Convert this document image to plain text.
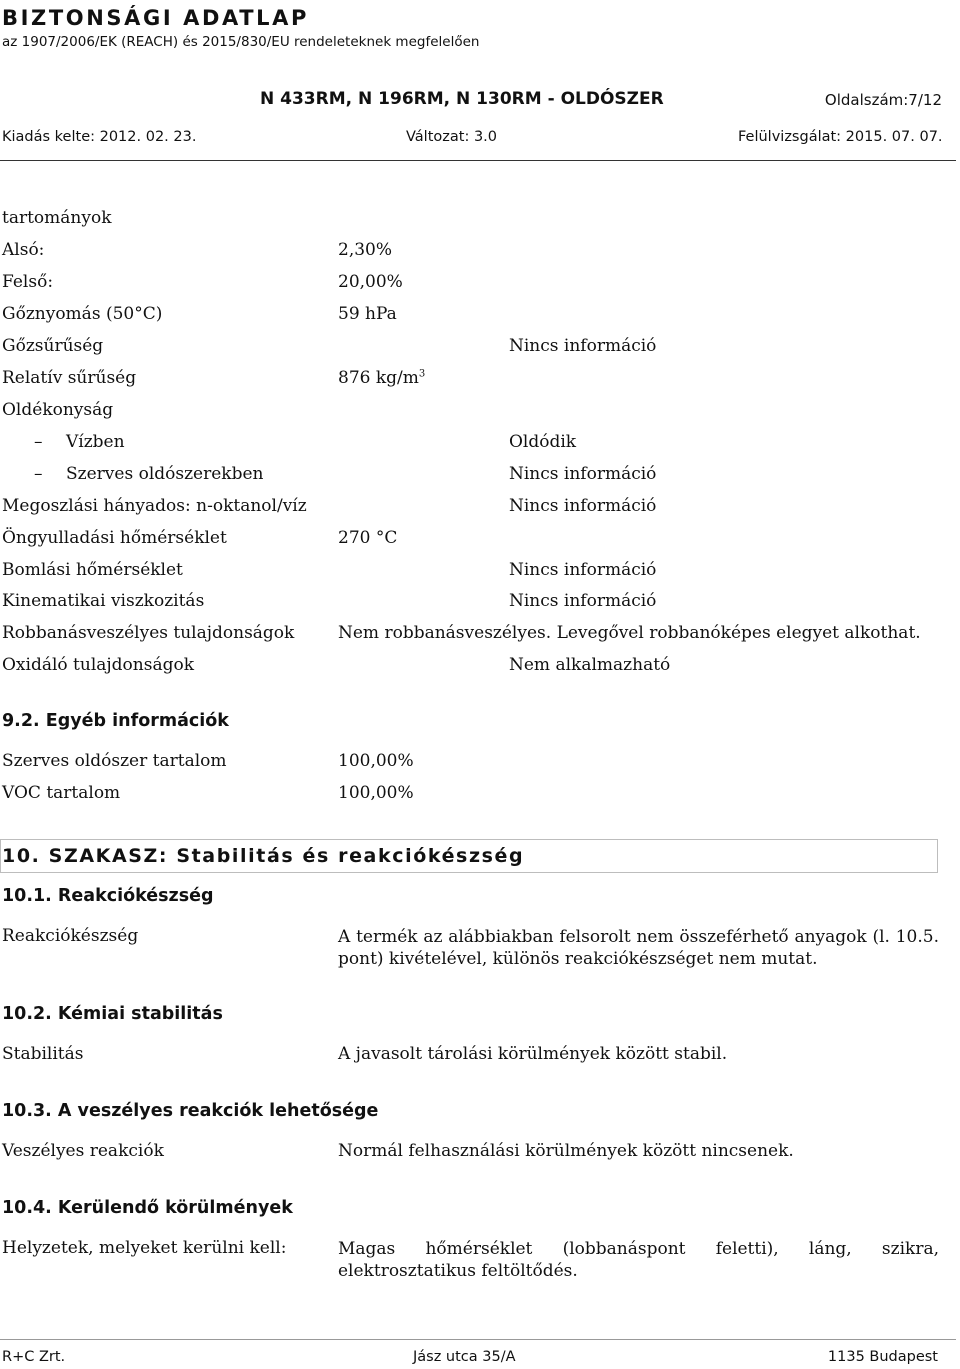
BIZTONSÁGI ADATLAP
az 1907/2006/EK (REACH) és 2015/830/EU rendeleteknek megfelelően
N 433RM, N 196RM, N 130RM - OLDÓSZER	Oldalszám:7/12
Kiadás kelte: 2012. 02. 23.	Változat: 3.0	Felülvizsgálat: 2015. 07. 07.
tartományok
Alsó:	2,30%
Felső:	20,00%
Gőznyomás (50°C)	59 hPa
Gőzsűrűség	Nincs információ
Relatív sűrűség	876 $kg/m^3$
Oldékonyság
– Vízben	Oldódik
– Szerves oldószerekben	Nincs információ
Megoszlási hányados: n-oktanol/víz	Nincs információ
Öngyulladási hőmérséklet	270 °C
Bomlási hőmérséklet	Nincs információ
Kinematikai viszkozitás	Nincs információ
Robbanásveszélyes tulajdonságok	Nem robbanásveszélyes. Levegővel robbanóképes elegyet alkothat.
Oxidáló tulajdonságok	Nem alkalmazható
9.2. Egyéb információk
Szerves oldószer tartalom	100,00%
VOC tartalom	100,00%
10. SZAKASZ: Stabilitás és reakciókészség
10.1. Reakciókészség
Reakciókészség	A termék az alábbiakban felsorolt nem összeférhető anyagok (l. 10.5. pont) kivételével, különös reakciókészséget nem mutat.
10.2. Kémiai stabilitás
Stabilitás	A javasolt tárolási körülmények között stabil.
10.3. A veszélyes reakciók lehetősége
Veszélyes reakciók	Normál felhasználási körülmények között nincsenek.
10.4. Kerülendő körülmények
Helyzetek, melyeket kerülni kell:	Magas hőmérséklet (lobbanáspont feletti), láng, szikra, elektrosztatikus feltöltődés.
R+C Zrt.	Jász utca 35/A	1135 Budapest
